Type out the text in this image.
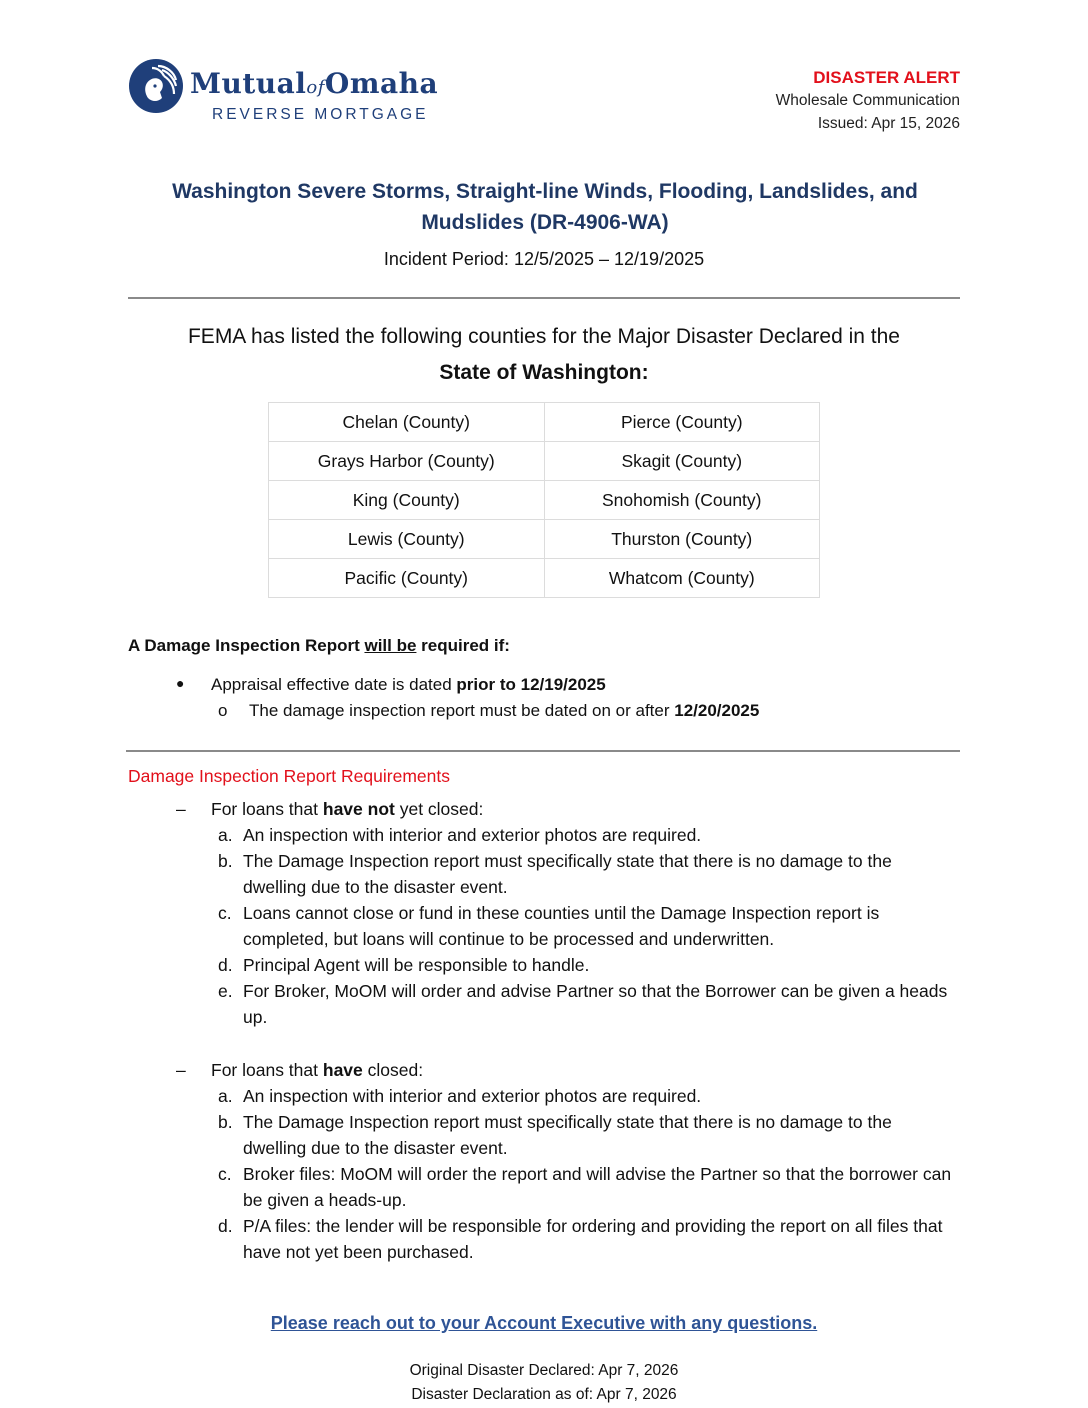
MutualofOmaha
REVERSE MORTGAGE
DISASTER ALERT
Wholesale Communication
Issued: Apr 15, 2026
Washington Severe Storms, Straight-line Winds, Flooding, Landslides, and
Mudslides (DR-4906-WA)
Incident Period: 12/5/2025 – 12/19/2025
FEMA has listed the following counties for the Major Disaster Declared in the
State of Washington:
Chelan (County)	Pierce (County)
Grays Harbor (County)	Skagit (County)
King (County)	Snohomish (County)
Lewis (County)	Thurston (County)
Pacific (County)	Whatcom (County)
A Damage Inspection Report will be required if:
● Appraisal effective date is dated prior to 12/19/2025
o The damage inspection report must be dated on or after 12/20/2025
Damage Inspection Report Requirements
– For loans that have not yet closed:
a. An inspection with interior and exterior photos are required.
b. The Damage Inspection report must specifically state that there is no damage to the dwelling due to the disaster event.
c. Loans cannot close or fund in these counties until the Damage Inspection report is completed, but loans will continue to be processed and underwritten.
d. Principal Agent will be responsible to handle.
e. For Broker, MoOM will order and advise Partner so that the Borrower can be given a heads up.
– For loans that have closed:
a. An inspection with interior and exterior photos are required.
b. The Damage Inspection report must specifically state that there is no damage to the dwelling due to the disaster event.
c. Broker files: MoOM will order the report and will advise the Partner so that the borrower can be given a heads-up.
d. P/A files: the lender will be responsible for ordering and providing the report on all files that have not yet been purchased.
Please reach out to your Account Executive with any questions.
Original Disaster Declared: Apr 7, 2026
Disaster Declaration as of: Apr 7, 2026
